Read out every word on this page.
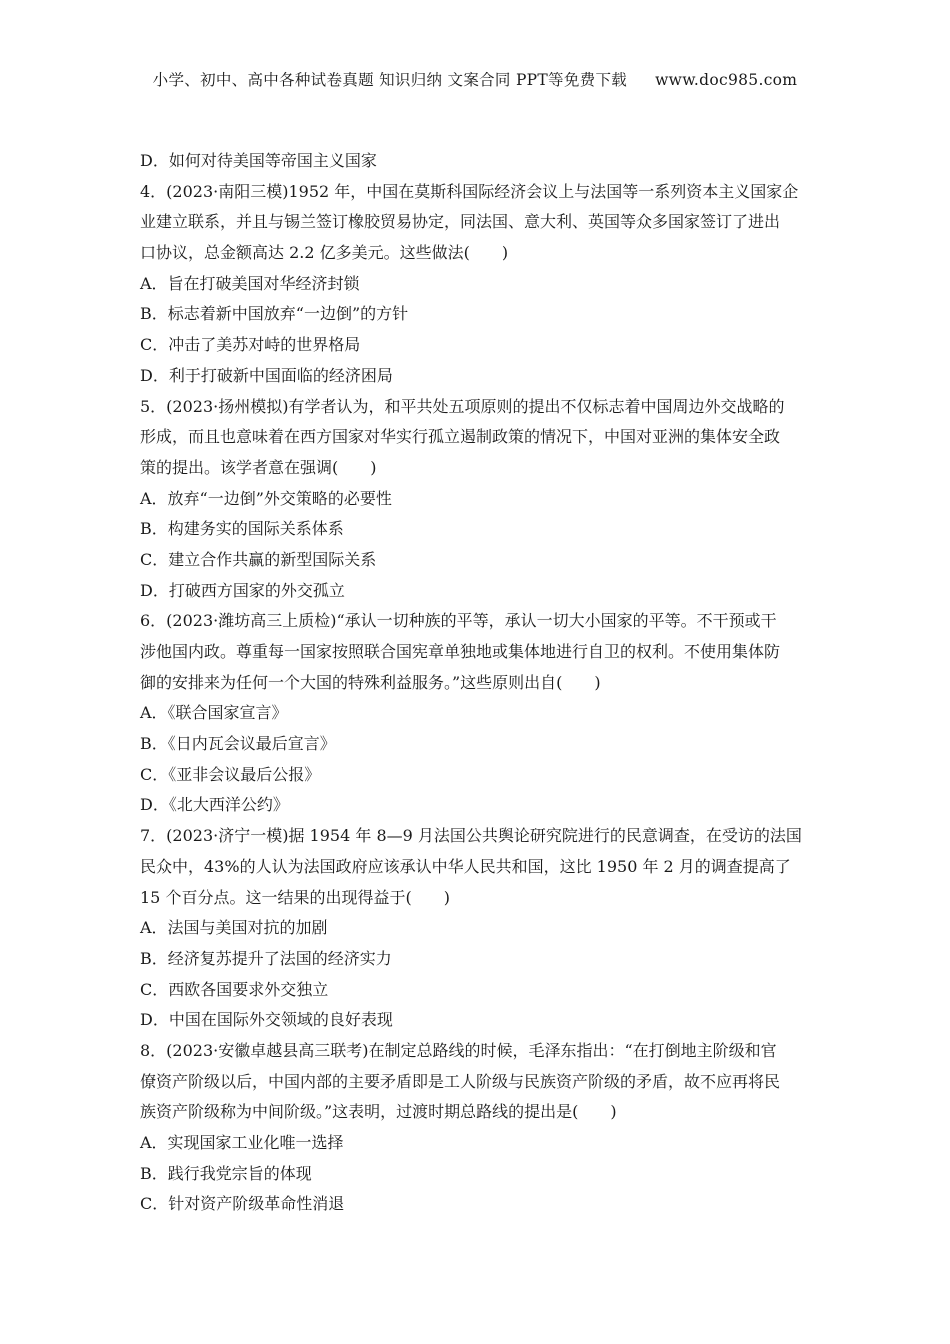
小学、初中、高中各种试卷真题 知识归纳 文案合同 PPT等免费下载 www.doc985.com
D．如何对待美国等帝国主义国家
4．(2023·南阳三模)1952 年，中国在莫斯科国际经济会议上与法国等一系列资本主义国家企
业建立联系，并且与锡兰签订橡胶贸易协定，同法国、意大利、英国等众多国家签订了进出
口协议，总金额高达 2.2 亿多美元。这些做法(　　)
A．旨在打破美国对华经济封锁
B．标志着新中国放弃“一边倒”的方针
C．冲击了美苏对峙的世界格局
D．利于打破新中国面临的经济困局
5．(2023·扬州模拟)有学者认为，和平共处五项原则的提出不仅标志着中国周边外交战略的
形成，而且也意味着在西方国家对华实行孤立遏制政策的情况下，中国对亚洲的集体安全政
策的提出。该学者意在强调(　　)
A．放弃“一边倒”外交策略的必要性
B．构建务实的国际关系体系
C．建立合作共赢的新型国际关系
D．打破西方国家的外交孤立
6．(2023·潍坊高三上质检)“承认一切种族的平等，承认一切大小国家的平等。不干预或干
涉他国内政。尊重每一国家按照联合国宪章单独地或集体地进行自卫的权利。不使用集体防
御的安排来为任何一个大国的特殊利益服务。”这些原则出自(　　)
A．《联合国家宣言》
B．《日内瓦会议最后宣言》
C．《亚非会议最后公报》
D．《北大西洋公约》
7．(2023·济宁一模)据 1954 年 8—9 月法国公共舆论研究院进行的民意调查，在受访的法国
民众中，43%的人认为法国政府应该承认中华人民共和国，这比 1950 年 2 月的调查提高了
15 个百分点。这一结果的出现得益于(　　)
A．法国与美国对抗的加剧
B．经济复苏提升了法国的经济实力
C．西欧各国要求外交独立
D．中国在国际外交领域的良好表现
8．(2023·安徽卓越县高三联考)在制定总路线的时候，毛泽东指出：“在打倒地主阶级和官
僚资产阶级以后，中国内部的主要矛盾即是工人阶级与民族资产阶级的矛盾，故不应再将民
族资产阶级称为中间阶级。”这表明，过渡时期总路线的提出是(　　)
A．实现国家工业化唯一选择
B．践行我党宗旨的体现
C．针对资产阶级革命性消退
